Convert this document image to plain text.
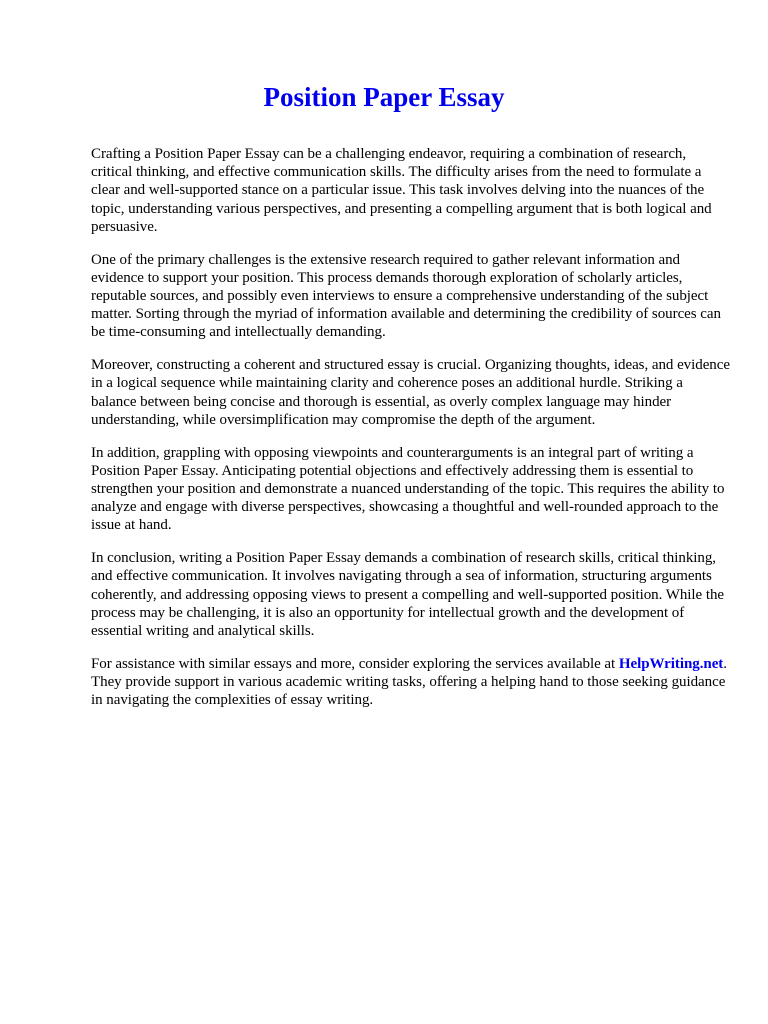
Position Paper Essay

Crafting a Position Paper Essay can be a challenging endeavor, requiring a combination of research, critical thinking, and effective communication skills. The difficulty arises from the need to formulate a clear and well-supported stance on a particular issue. This task involves delving into the nuances of the topic, understanding various perspectives, and presenting a compelling argument that is both logical and persuasive.

One of the primary challenges is the extensive research required to gather relevant information and evidence to support your position. This process demands thorough exploration of scholarly articles, reputable sources, and possibly even interviews to ensure a comprehensive understanding of the subject matter. Sorting through the myriad of information available and determining the credibility of sources can be time-consuming and intellectually demanding.

Moreover, constructing a coherent and structured essay is crucial. Organizing thoughts, ideas, and evidence in a logical sequence while maintaining clarity and coherence poses an additional hurdle. Striking a balance between being concise and thorough is essential, as overly complex language may hinder understanding, while oversimplification may compromise the depth of the argument.

In addition, grappling with opposing viewpoints and counterarguments is an integral part of writing a Position Paper Essay. Anticipating potential objections and effectively addressing them is essential to strengthen your position and demonstrate a nuanced understanding of the topic. This requires the ability to analyze and engage with diverse perspectives, showcasing a thoughtful and well-rounded approach to the issue at hand.

In conclusion, writing a Position Paper Essay demands a combination of research skills, critical thinking, and effective communication. It involves navigating through a sea of information, structuring arguments coherently, and addressing opposing views to present a compelling and well-supported position. While the process may be challenging, it is also an opportunity for intellectual growth and the development of essential writing and analytical skills.

For assistance with similar essays and more, consider exploring the services available at HelpWriting.net. They provide support in various academic writing tasks, offering a helping hand to those seeking guidance in navigating the complexities of essay writing.
